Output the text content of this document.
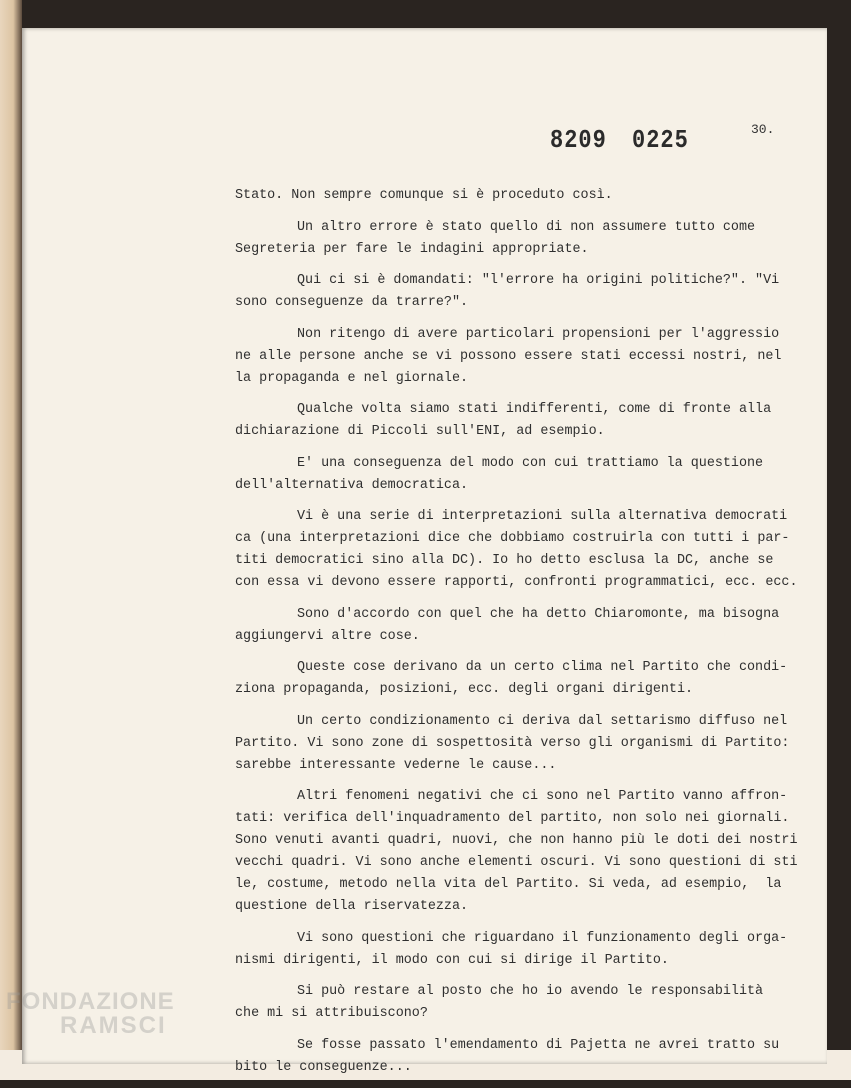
8209 0225	30.
Stato. Non sempre comunque si è proceduto così.
Un altro errore è stato quello di non assumere tutto come
Segreteria per fare le indagini appropriate.
Qui ci si è domandati: "l'errore ha origini politiche?". "Vi
sono conseguenze da trarre?".
Non ritengo di avere particolari propensioni per l'aggressio
ne alle persone anche se vi possono essere stati eccessi nostri, nel
la propaganda e nel giornale.
Qualche volta siamo stati indifferenti, come di fronte alla
dichiarazione di Piccoli sull'ENI, ad esempio.
E' una conseguenza del modo con cui trattiamo la questione
dell'alternativa democratica.
Vi è una serie di interpretazioni sulla alternativa democrati
ca (una interpretazioni dice che dobbiamo costruirla con tutti i par-
titi democratici sino alla DC). Io ho detto esclusa la DC, anche se
con essa vi devono essere rapporti, confronti programmatici, ecc. ecc.
Sono d'accordo con quel che ha detto Chiaromonte, ma bisogna
aggiungervi altre cose.
Queste cose derivano da un certo clima nel Partito che condi-
ziona propaganda, posizioni, ecc. degli organi dirigenti.
Un certo condizionamento ci deriva dal settarismo diffuso nel
Partito. Vi sono zone di sospettosità verso gli organismi di Partito:
sarebbe interessante vederne le cause...
Altri fenomeni negativi che ci sono nel Partito vanno affron-
tati: verifica dell'inquadramento del partito, non solo nei giornali.
Sono venuti avanti quadri, nuovi, che non hanno più le doti dei nostri
vecchi quadri. Vi sono anche elementi oscuri. Vi sono questioni di sti
le, costume, metodo nella vita del Partito. Si veda, ad esempio,  la
questione della riservatezza.
Vi sono questioni che riguardano il funzionamento degli orga-
nismi dirigenti, il modo con cui si dirige il Partito.
Si può restare al posto che ho io avendo le responsabilità
che mi si attribuiscono?
Se fosse passato l'emendamento di Pajetta ne avrei tratto su
bito le conseguenze...
FONDAZIONE
RAMSCI
